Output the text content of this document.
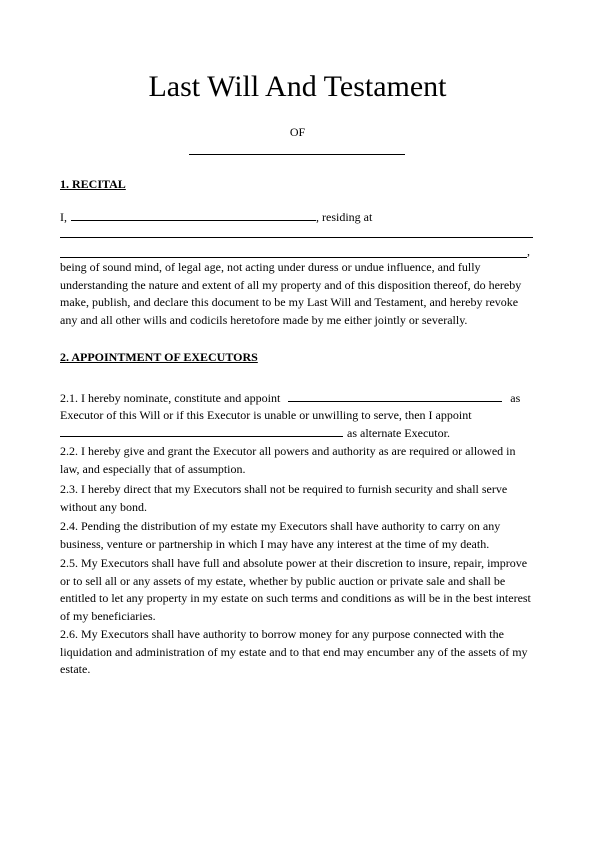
Last Will And Testament
OF
1. RECITAL
I,	, residing at
,

being of sound mind, of legal age, not acting under duress or undue influence, and fully understanding the nature and extent of all my property and of this disposition thereof, do hereby make, publish, and declare this document to be my Last Will and Testament, and hereby revoke any and all other wills and codicils heretofore made by me either jointly or severally.

2. APPOINTMENT OF EXECUTORS
2.1. I hereby nominate, constitute and appoint	as
Executor of this Will or if this Executor is unable or unwilling to serve, then I appoint
as alternate Executor.

2.2. I hereby give and grant the Executor all powers and authority as are required or allowed in law, and especially that of assumption.

2.3. I hereby direct that my Executors shall not be required to furnish security and shall serve without any bond.

2.4. Pending the distribution of my estate my Executors shall have authority to carry on any business, venture or partnership in which I may have any interest at the time of my death.

2.5. My Executors shall have full and absolute power at their discretion to insure, repair, improve or to sell all or any assets of my estate, whether by public auction or private sale and shall be entitled to let any property in my estate on such terms and conditions as will be in the best interest of my beneficiaries.

2.6. My Executors shall have authority to borrow money for any purpose connected with the liquidation and administration of my estate and to that end may encumber any of the assets of my estate.
